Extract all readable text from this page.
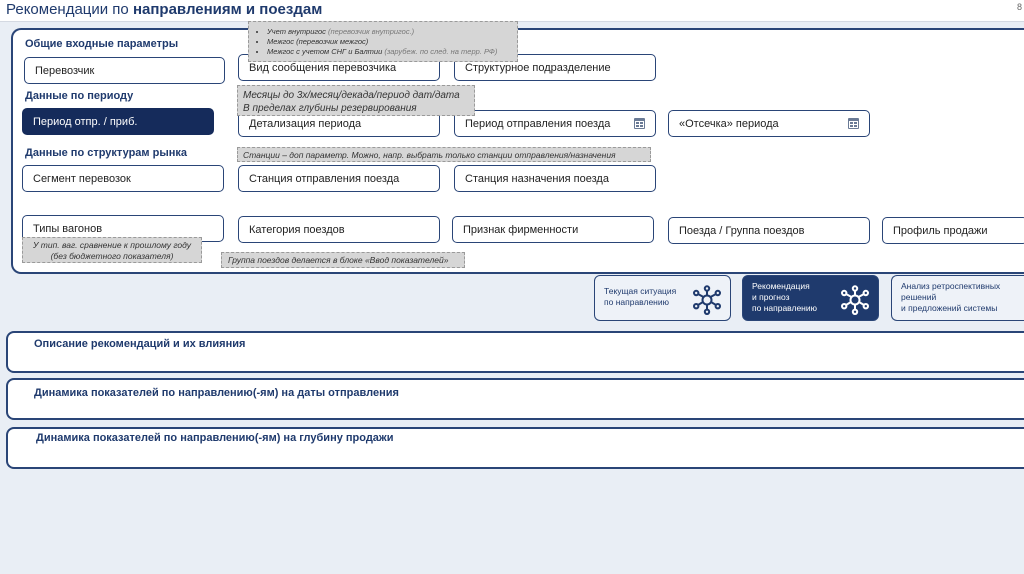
Рекомендации по направлениям и поездам	8
Общие входные параметры
Перевозчик	Вид сообщения перевозчика	Структурное подразделение
• Учет внутригос (перевозчик внутригос.)
• Межгос (перевозчик межгос)
• Межгос с учетом СНГ и Балтии (зарубеж. по след. на терр. РФ)
Данные по периоду
Период отпр. / приб.	Детализация периода	Период отправления поезда	«Отсечка» периода
Месяцы до 3х/месяц/декада/период дат/дата
В пределах глубины резервирования
Данные по структурам рынка	Станции – доп параметр. Можно, напр. выбрать только станции отправления/назначения
Сегмент перевозок	Станция отправления поезда	Станция назначения поезда
Типы вагонов	Категория поездов	Признак фирменности	Поезда / Группа поездов	Профиль продажи
У тип. ваг. сравнение к прошлому году
(без бюджетного показателя)	Группа поездов делается в блоке «Ввод показателей»
Текущая ситуация
по направлению
Рекомендация
и прогноз
по направлению
Анализ ретроспективных
решений
и предложений системы
Описание рекомендаций и их влияния
Динамика показателей по направлению(-ям) на даты отправления
Динамика показателей по направлению(-ям) на глубину продажи
